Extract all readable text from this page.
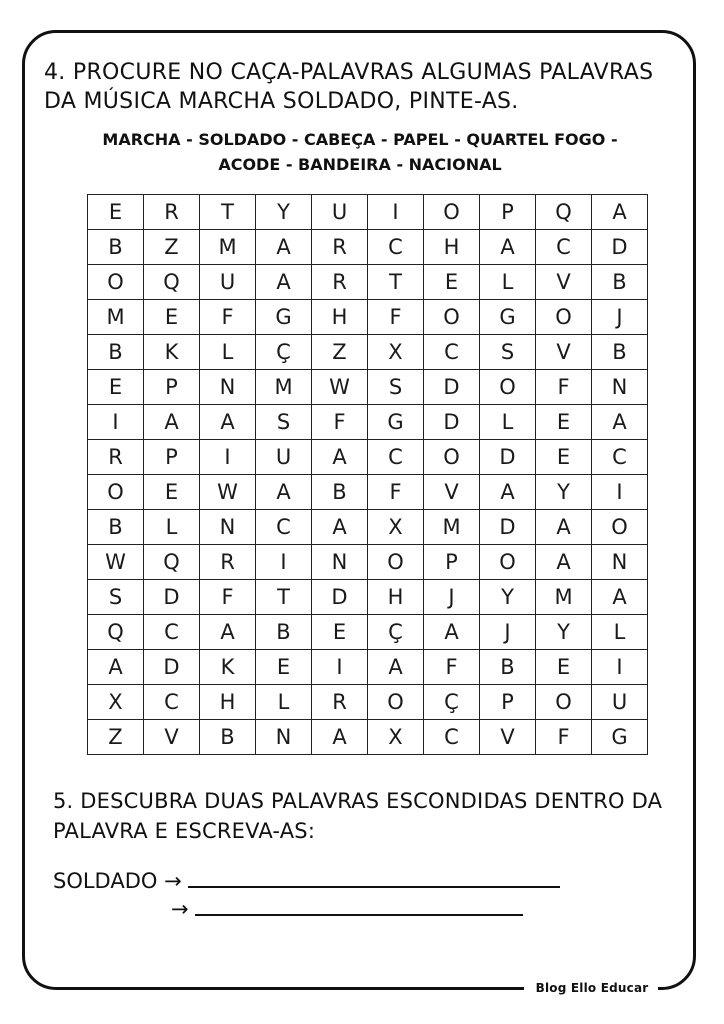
Blog Ello Educar
4. PROCURE NO CAÇA-PALAVRAS ALGUMAS PALAVRAS
DA MÚSICA MARCHA SOLDADO, PINTE-AS.
MARCHA - SOLDADO - CABEÇA - PAPEL - QUARTEL FOGO -
ACODE - BANDEIRA - NACIONAL
E	R	T	Y	U	I	O	P	Q	A
B	Z	M	A	R	C	H	A	C	D
O	Q	U	A	R	T	E	L	V	B
M	E	F	G	H	F	O	G	O	J
B	K	L	Ç	Z	X	C	S	V	B
E	P	N	M	W	S	D	O	F	N
I	A	A	S	F	G	D	L	E	A
R	P	I	U	A	C	O	D	E	C
O	E	W	A	B	F	V	A	Y	I
B	L	N	C	A	X	M	D	A	O
W	Q	R	I	N	O	P	O	A	N
S	D	F	T	D	H	J	Y	M	A
Q	C	A	B	E	Ç	A	J	Y	L
A	D	K	E	I	A	F	B	E	I
X	C	H	L	R	O	Ç	P	O	U
Z	V	B	N	A	X	C	V	F	G
5. DESCUBRA DUAS PALAVRAS ESCONDIDAS DENTRO DA
PALAVRA E ESCREVA-AS:
SOLDADO →
→
